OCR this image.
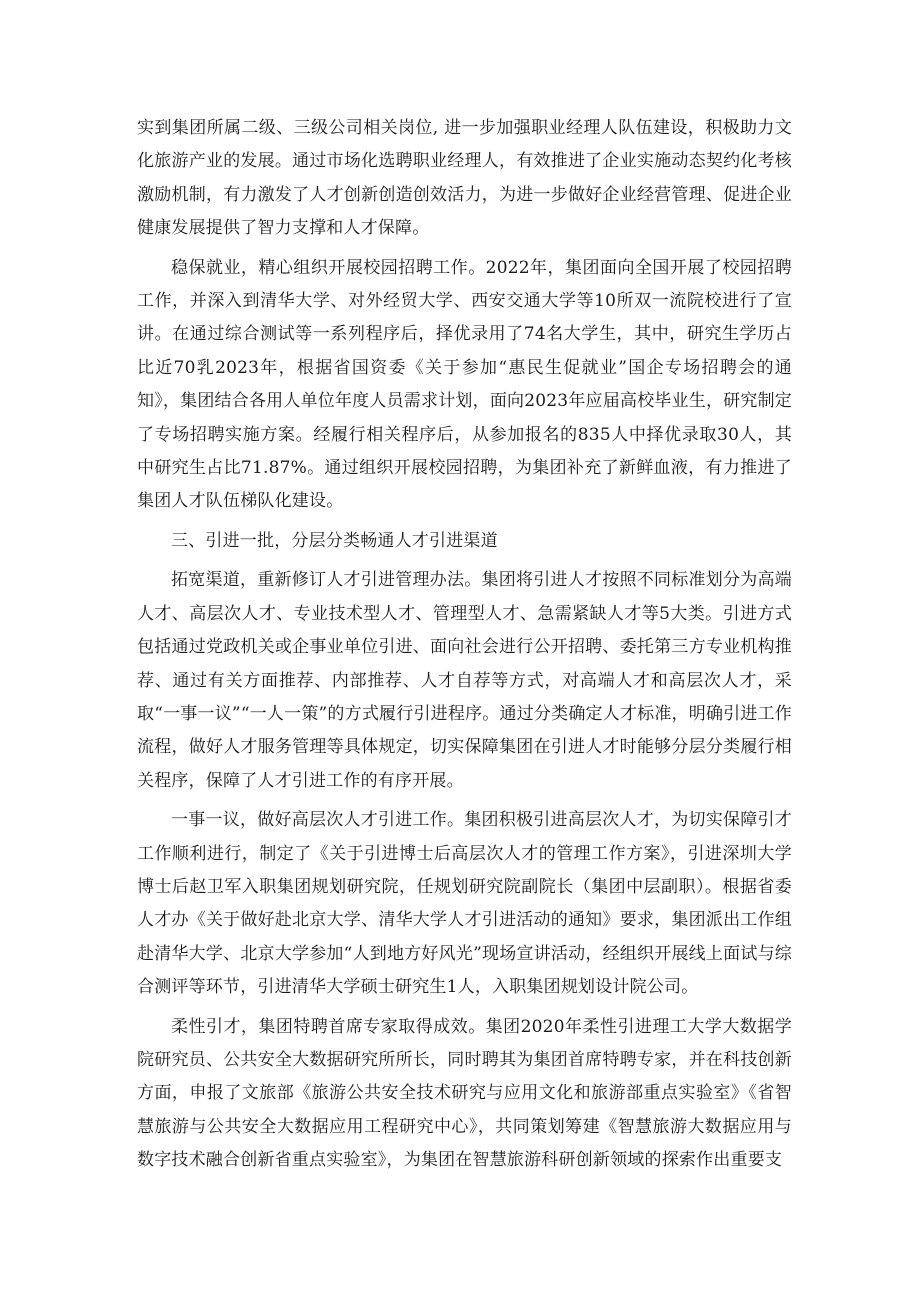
实到集团所属二级、三级公司相关岗位, 进一步加强职业经理人队伍建设，积极助力文化旅游产业的发展。通过市场化选聘职业经理人，有效推进了企业实施动态契约化考核激励机制，有力激发了人才创新创造创效活力，为进一步做好企业经营管理、促进企业健康发展提供了智力支撑和人才保障。

稳保就业，精心组织开展校园招聘工作。2022年，集团面向全国开展了校园招聘工作，并深入到清华大学、对外经贸大学、西安交通大学等10所双一流院校进行了宣讲。在通过综合测试等一系列程序后，择优录用了74名大学生，其中，研究生学历占比近70乳2023年，根据省国资委《关于参加“惠民生促就业”国企专场招聘会的通知》，集团结合各用人单位年度人员需求计划，面向2023年应届高校毕业生，研究制定了专场招聘实施方案。经履行相关程序后，从参加报名的835人中择优录取30人，其中研究生占比71.87%。通过组织开展校园招聘，为集团补充了新鲜血液，有力推进了集团人才队伍梯队化建设。

三、引进一批，分层分类畅通人才引进渠道

拓宽渠道，重新修订人才引进管理办法。集团将引进人才按照不同标准划分为高端人才、高层次人才、专业技术型人才、管理型人才、急需紧缺人才等5大类。引进方式包括通过党政机关或企事业单位引进、面向社会进行公开招聘、委托第三方专业机构推荐、通过有关方面推荐、内部推荐、人才自荐等方式，对高端人才和高层次人才，采取“一事一议”“一人一策”的方式履行引进程序。通过分类确定人才标准，明确引进工作流程，做好人才服务管理等具体规定，切实保障集团在引进人才时能够分层分类履行相关程序，保障了人才引进工作的有序开展。

一事一议，做好高层次人才引进工作。集团积极引进高层次人才，为切实保障引才工作顺利进行，制定了《关于引进博士后高层次人才的管理工作方案》，引进深圳大学博士后赵卫军入职集团规划研究院，任规划研究院副院长（集团中层副职）。根据省委人才办《关于做好赴北京大学、清华大学人才引进活动的通知》要求，集团派出工作组赴清华大学、北京大学参加“人到地方好风光”现场宣讲活动，经组织开展线上面试与综合测评等环节，引进清华大学硕士研究生1人，入职集团规划设计院公司。

柔性引才，集团特聘首席专家取得成效。集团2020年柔性引进理工大学大数据学院研究员、公共安全大数据研究所所长，同时聘其为集团首席特聘专家，并在科技创新方面，申报了文旅部《旅游公共安全技术研究与应用文化和旅游部重点实验室》《省智慧旅游与公共安全大数据应用工程研究中心》，共同策划筹建《智慧旅游大数据应用与数字技术融合创新省重点实验室》，为集团在智慧旅游科研创新领域的探索作出重要支
